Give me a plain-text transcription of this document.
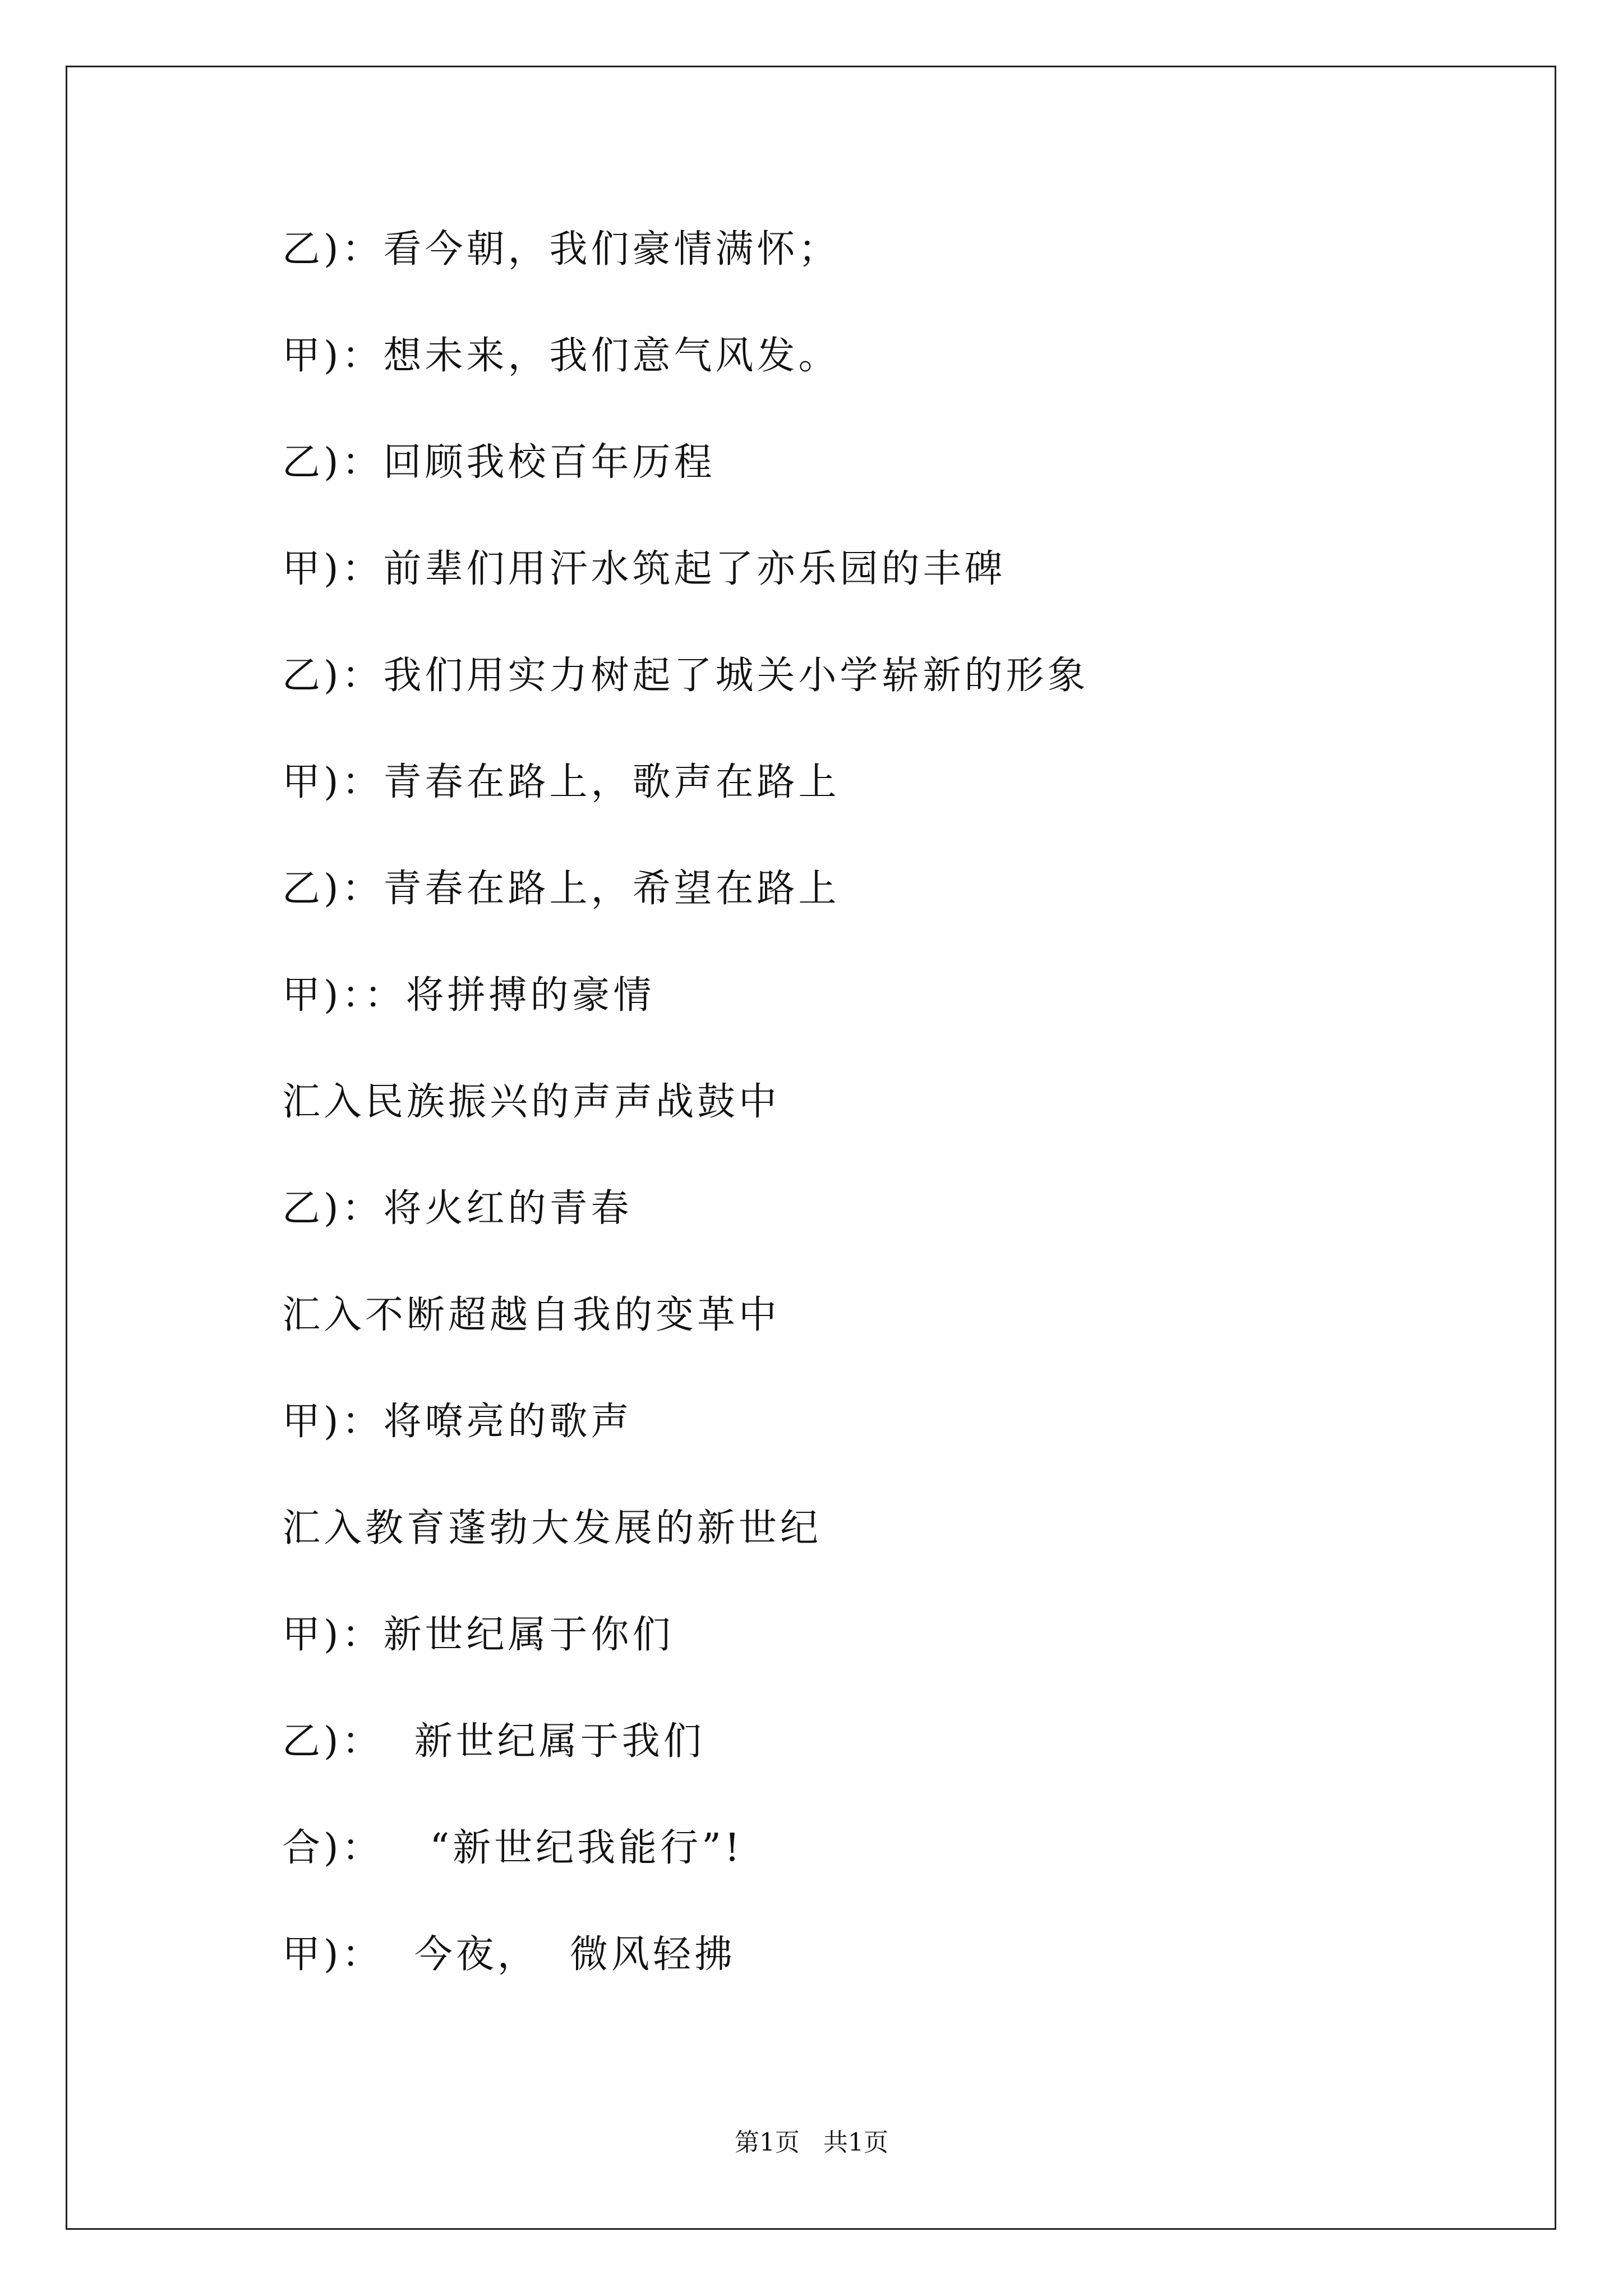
乙)：看今朝，我们豪情满怀；
甲)：想未来，我们意气风发。
乙)：回顾我校百年历程
甲)：前辈们用汗水筑起了亦乐园的丰碑
乙)：我们用实力树起了城关小学崭新的形象
甲)：青春在路上，歌声在路上
乙)：青春在路上，希望在路上
甲)：：将拼搏的豪情
汇入民族振兴的声声战鼓中
乙)：将火红的青春
汇入不断超越自我的变革中
甲)：将嘹亮的歌声
汇入教育蓬勃大发展的新世纪
甲)：新世纪属于你们
乙)：  新世纪属于我们
合)：   “新世纪我能行”!
甲)：  今夜，  微风轻拂
第1页   共1页
